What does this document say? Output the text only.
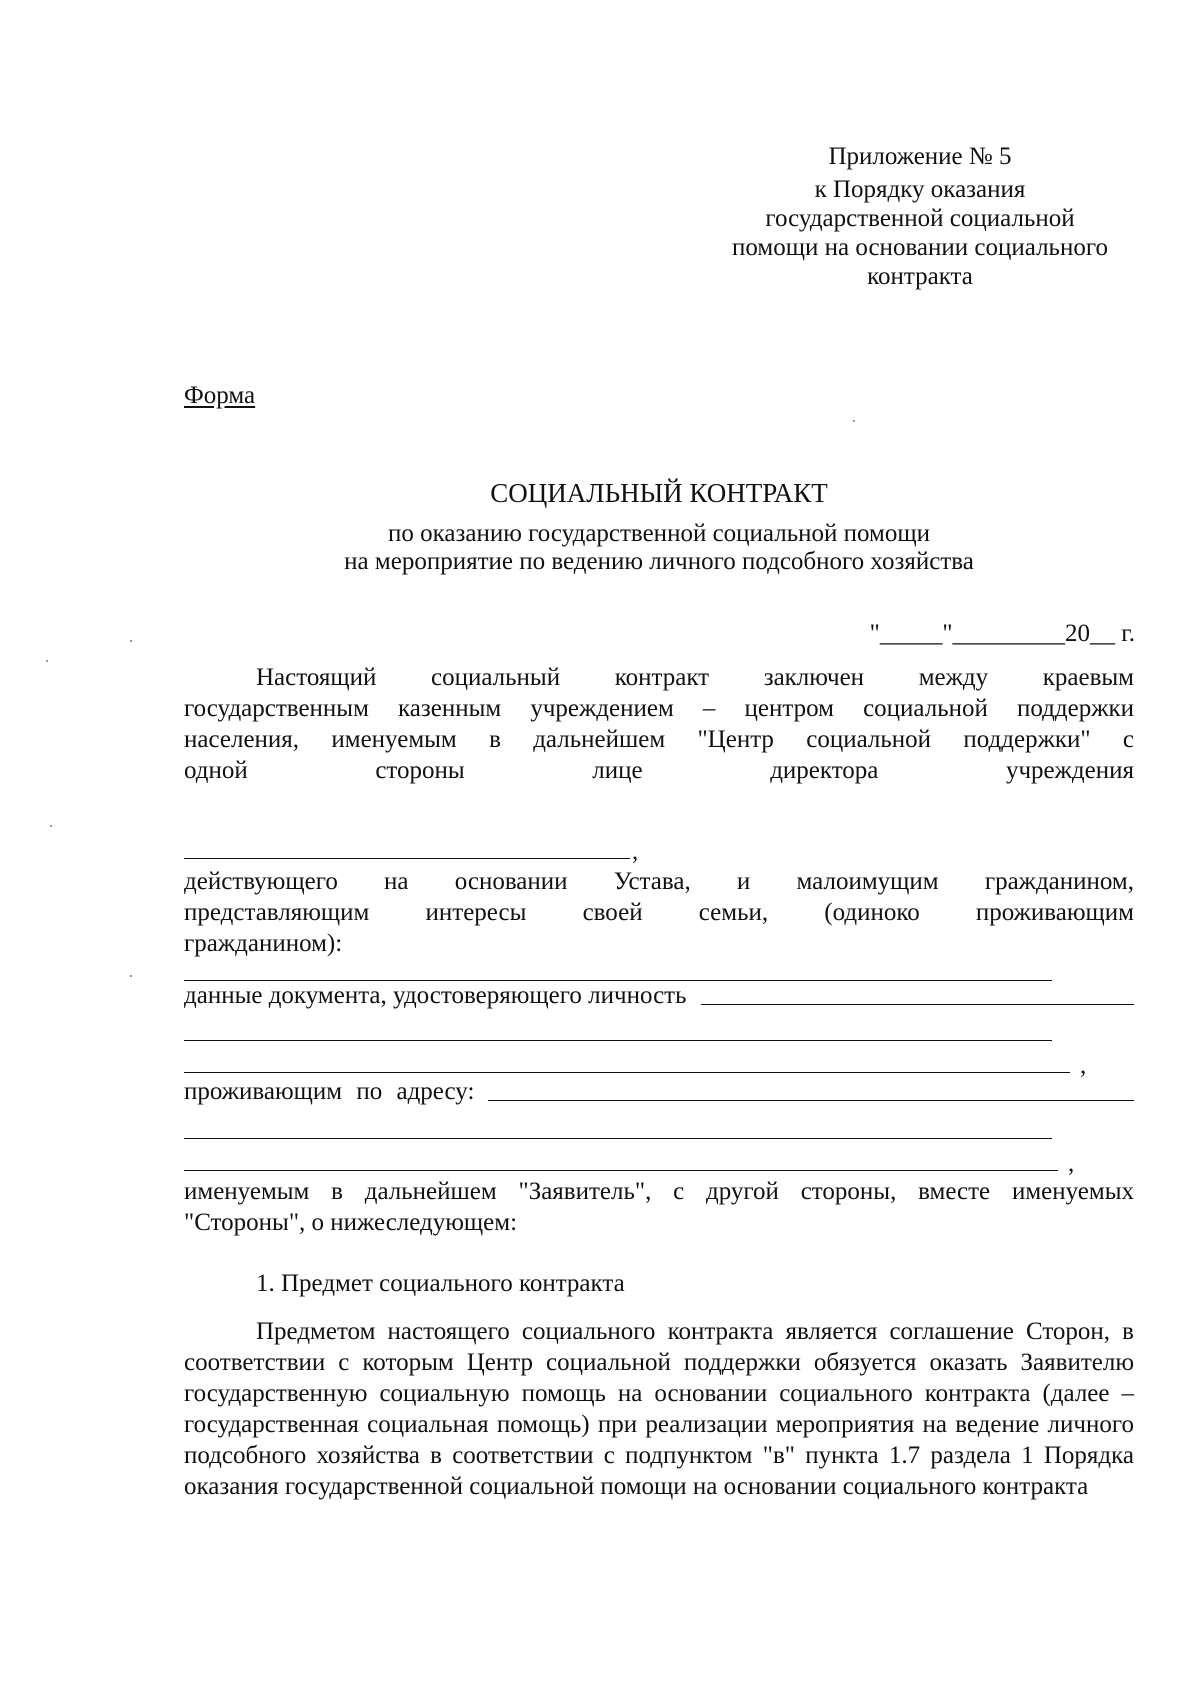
Приложение № 5
к Порядку оказания
государственной социальной
помощи на основании социального
контракта
Форма
СОЦИАЛЬНЫЙ КОНТРАКТ
по оказанию государственной социальной помощи
на мероприятие по ведению личного подсобного хозяйства
"_____"_________20__ г.
Настоящий социальный контракт заключен между краевым
государственным казенным учреждением – центром социальной поддержки
населения, именуемым в дальнейшем "Центр социальной поддержки" с
одной стороны лице директора учреждения
,
действующего на основании Устава, и малоимущим гражданином,
представляющим интересы своей семьи, (одиноко проживающим
гражданином):
данные документа, удостоверяющего личность
,
проживающим по адресу:
,
именуемым в дальнейшем "Заявитель", с другой стороны, вместе именуемых "Стороны", о нижеследующем:
1. Предмет социального контракта
Предметом настоящего социального контракта является соглашение Сторон, в соответствии с которым Центр социальной поддержки обязуется оказать Заявителю государственную социальную помощь на основании социального контракта (далее – государственная социальная помощь) при реализации мероприятия на ведение личного подсобного хозяйства в соответствии с подпунктом "в" пункта 1.7 раздела 1 Порядка оказания государственной социальной помощи на основании социального контракта
